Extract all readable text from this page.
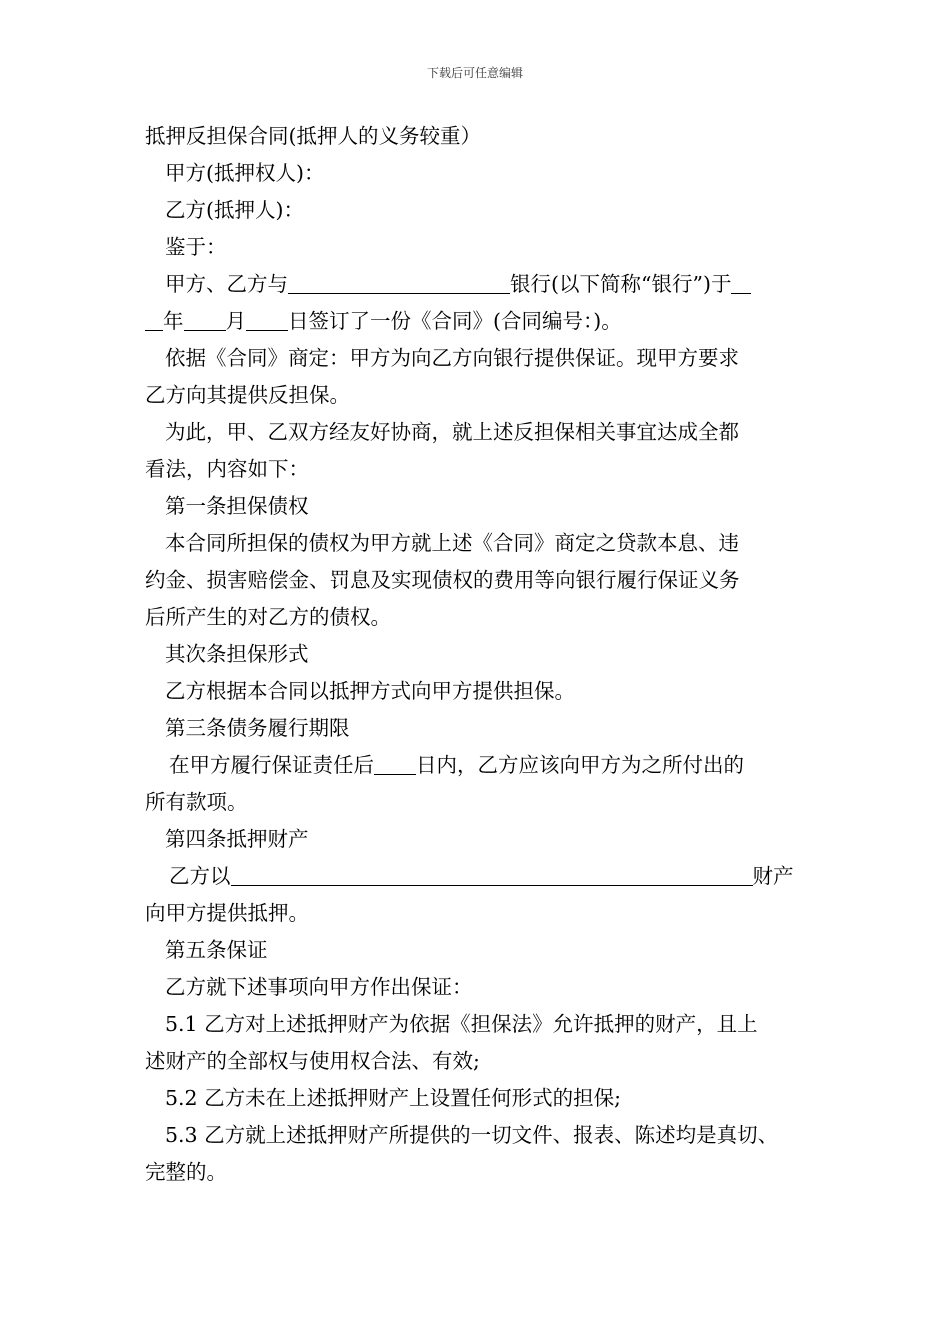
下载后可任意编辑
抵押反担保合同(抵押人的义务较重）
甲方(抵押权人)：
乙方(抵押人)：
鉴于：
甲方、乙方与	银行(以下简称“银行”)于
年 月 日签订了一份《合同》(合同编号：)。
依据《合同》商定：甲方为向乙方向银行提供保证。现甲方要求
乙方向其提供反担保。
为此，甲、乙双方经友好协商，就上述反担保相关事宜达成全都
看法，内容如下：
第一条担保债权
本合同所担保的债权为甲方就上述《合同》商定之贷款本息、违
约金、损害赔偿金、罚息及实现债权的费用等向银行履行保证义务
后所产生的对乙方的债权。
其次条担保形式
乙方根据本合同以抵押方式向甲方提供担保。
第三条债务履行期限
在甲方履行保证责任后 日内，乙方应该向甲方为之所付出的
所有款项。
第四条抵押财产
乙方以	财产
向甲方提供抵押。
第五条保证
乙方就下述事项向甲方作出保证：
5.1 乙方对上述抵押财产为依据《担保法》允许抵押的财产，且上
述财产的全部权与使用权合法、有效;
5.2 乙方未在上述抵押财产上设置任何形式的担保;
5.3 乙方就上述抵押财产所提供的一切文件、报表、陈述均是真切、
完整的。
